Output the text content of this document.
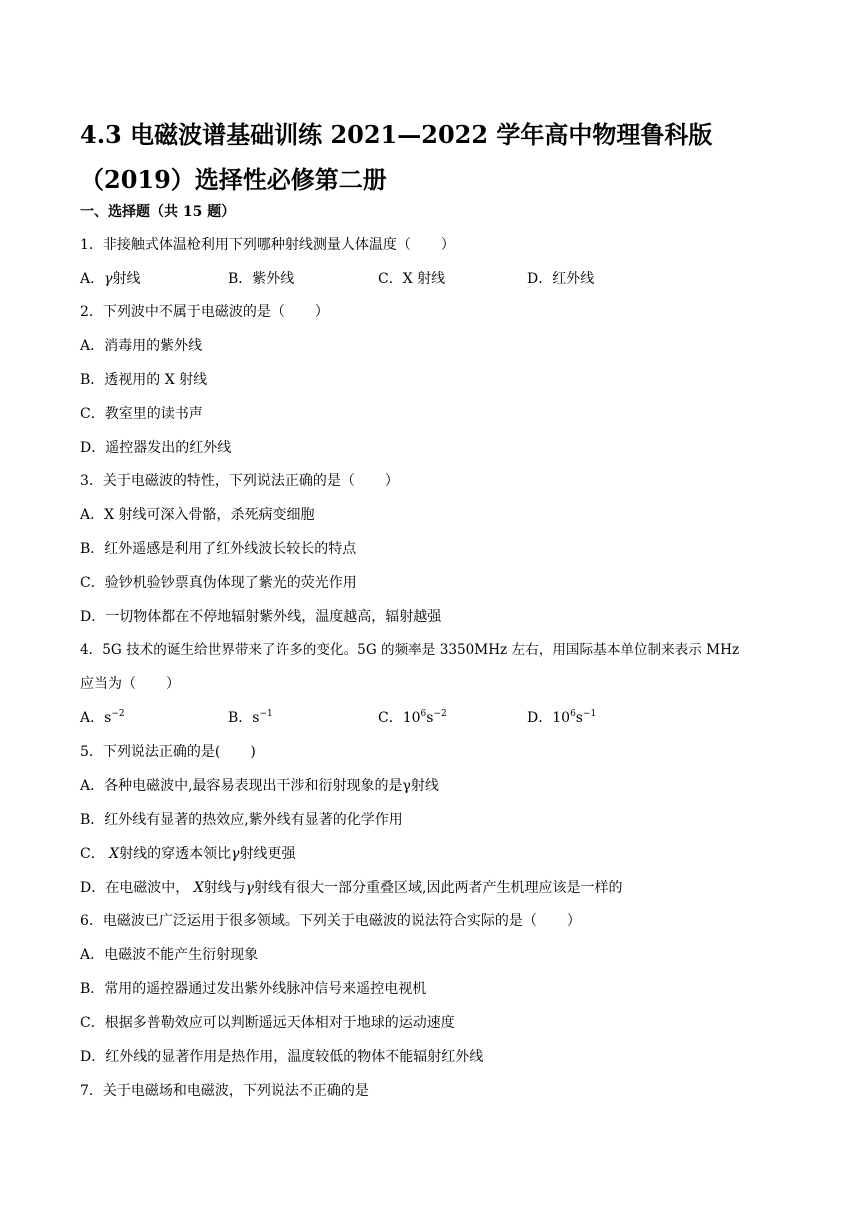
4.3 电磁波谱基础训练 2021—2022 学年高中物理鲁科版（2019）选择性必修第二册
一、选择题（共 15 题）
1．非接触式体温枪利用下列哪种射线测量人体温度（ ）
A．γ射线	B．紫外线	C．X 射线	D．红外线
2．下列波中不属于电磁波的是（ ）
A．消毒用的紫外线
B．透视用的 X 射线
C．教室里的读书声
D．遥控器发出的红外线
3．关于电磁波的特性，下列说法正确的是（ ）
A．X 射线可深入骨骼，杀死病变细胞
B．红外遥感是利用了红外线波长较长的特点
C．验钞机验钞票真伪体现了紫光的荧光作用
D．一切物体都在不停地辐射紫外线，温度越高，辐射越强
4．5G 技术的诞生给世界带来了许多的变化。5G 的频率是 3350MHz 左右，用国际基本单位制来表示 MHz
应当为（ ）
A．$s^{-2}$	B．$s^{-1}$	C．$10^6s^{-2}$	D．$10^6s^{-1}$
5．下列说法正确的是( )
A．各种电磁波中,最容易表现出干涉和衍射现象的是γ射线
B．红外线有显著的热效应,紫外线有显著的化学作用
C． X射线的穿透本领比γ射线更强
D．在电磁波中， X射线与γ射线有很大一部分重叠区域,因此两者产生机理应该是一样的
6．电磁波已广泛运用于很多领域。下列关于电磁波的说法符合实际的是（ ）
A．电磁波不能产生衍射现象
B．常用的遥控器通过发出紫外线脉冲信号来遥控电视机
C．根据多普勒效应可以判断遥远天体相对于地球的运动速度
D．红外线的显著作用是热作用，温度较低的物体不能辐射红外线
7．关于电磁场和电磁波，下列说法不正确的是
